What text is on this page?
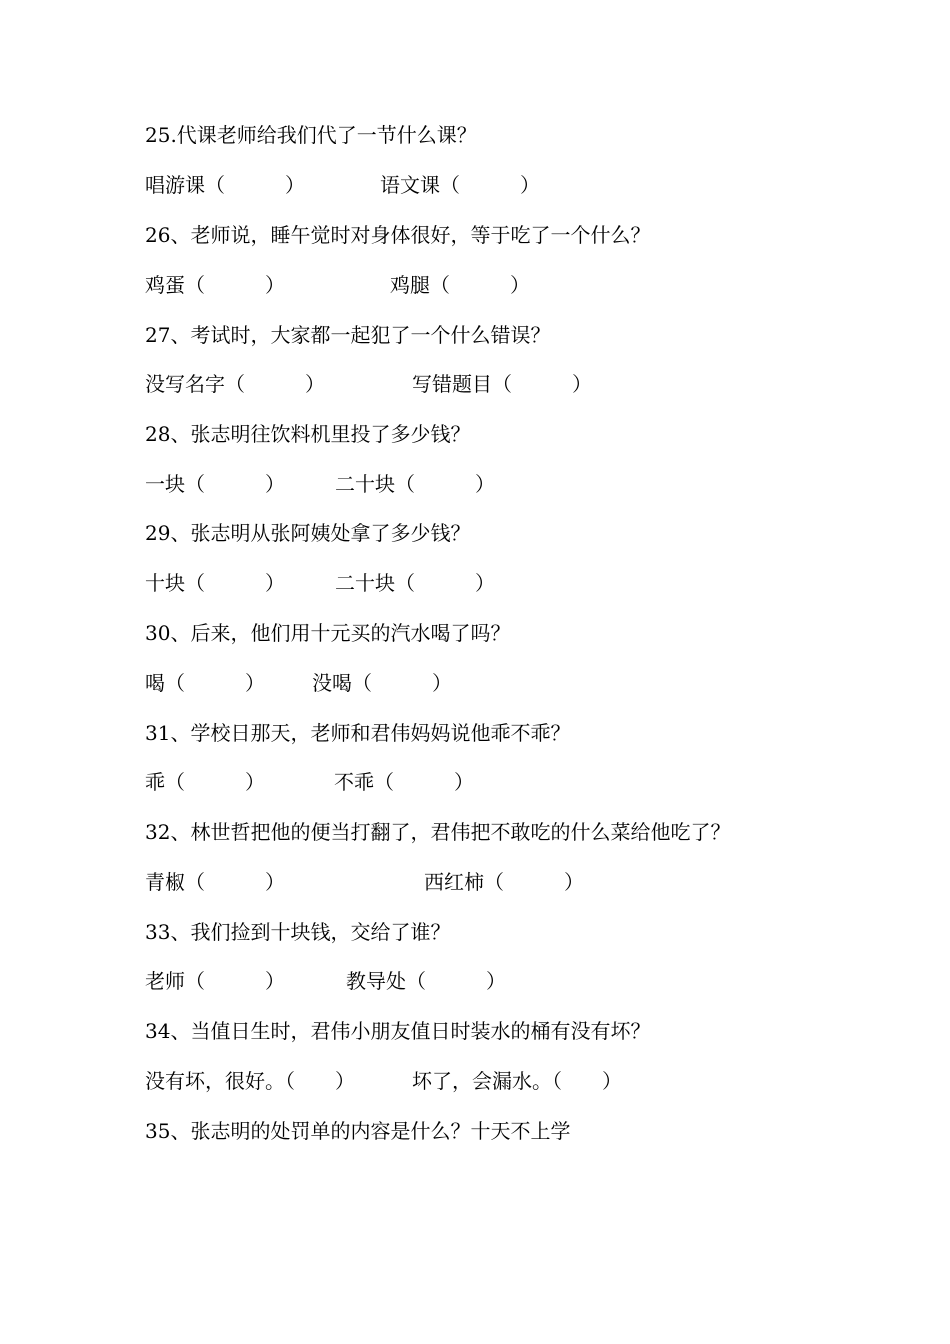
25.代课老师给我们代了一节什么课？
唱游课（　　　）	语文课（　　　）
26、老师说，睡午觉时对身体很好，等于吃了一个什么？
鸡蛋（　　　）	鸡腿（　　　）
27、考试时，大家都一起犯了一个什么错误？
没写名字（　　　）	写错题目（　　　）
28、张志明往饮料机里投了多少钱？
一块（　　　）	二十块（　　　）
29、张志明从张阿姨处拿了多少钱？
十块（　　　）	二十块（　　　）
30、后来，他们用十元买的汽水喝了吗？
喝（　　　） 没喝（　　　）
31、学校日那天，老师和君伟妈妈说他乖不乖？
乖（　　　）	不乖（　　　）
32、林世哲把他的便当打翻了，君伟把不敢吃的什么菜给他吃了？
青椒（　　　）	西红柿（　　　）
33、我们捡到十块钱，交给了谁？
老师（　　　）	教导处（　　　）
34、当值日生时，君伟小朋友值日时装水的桶有没有坏？
没有坏，很好。（　　）	坏了，会漏水。（　　）
35、张志明的处罚单的内容是什么？十天不上学
